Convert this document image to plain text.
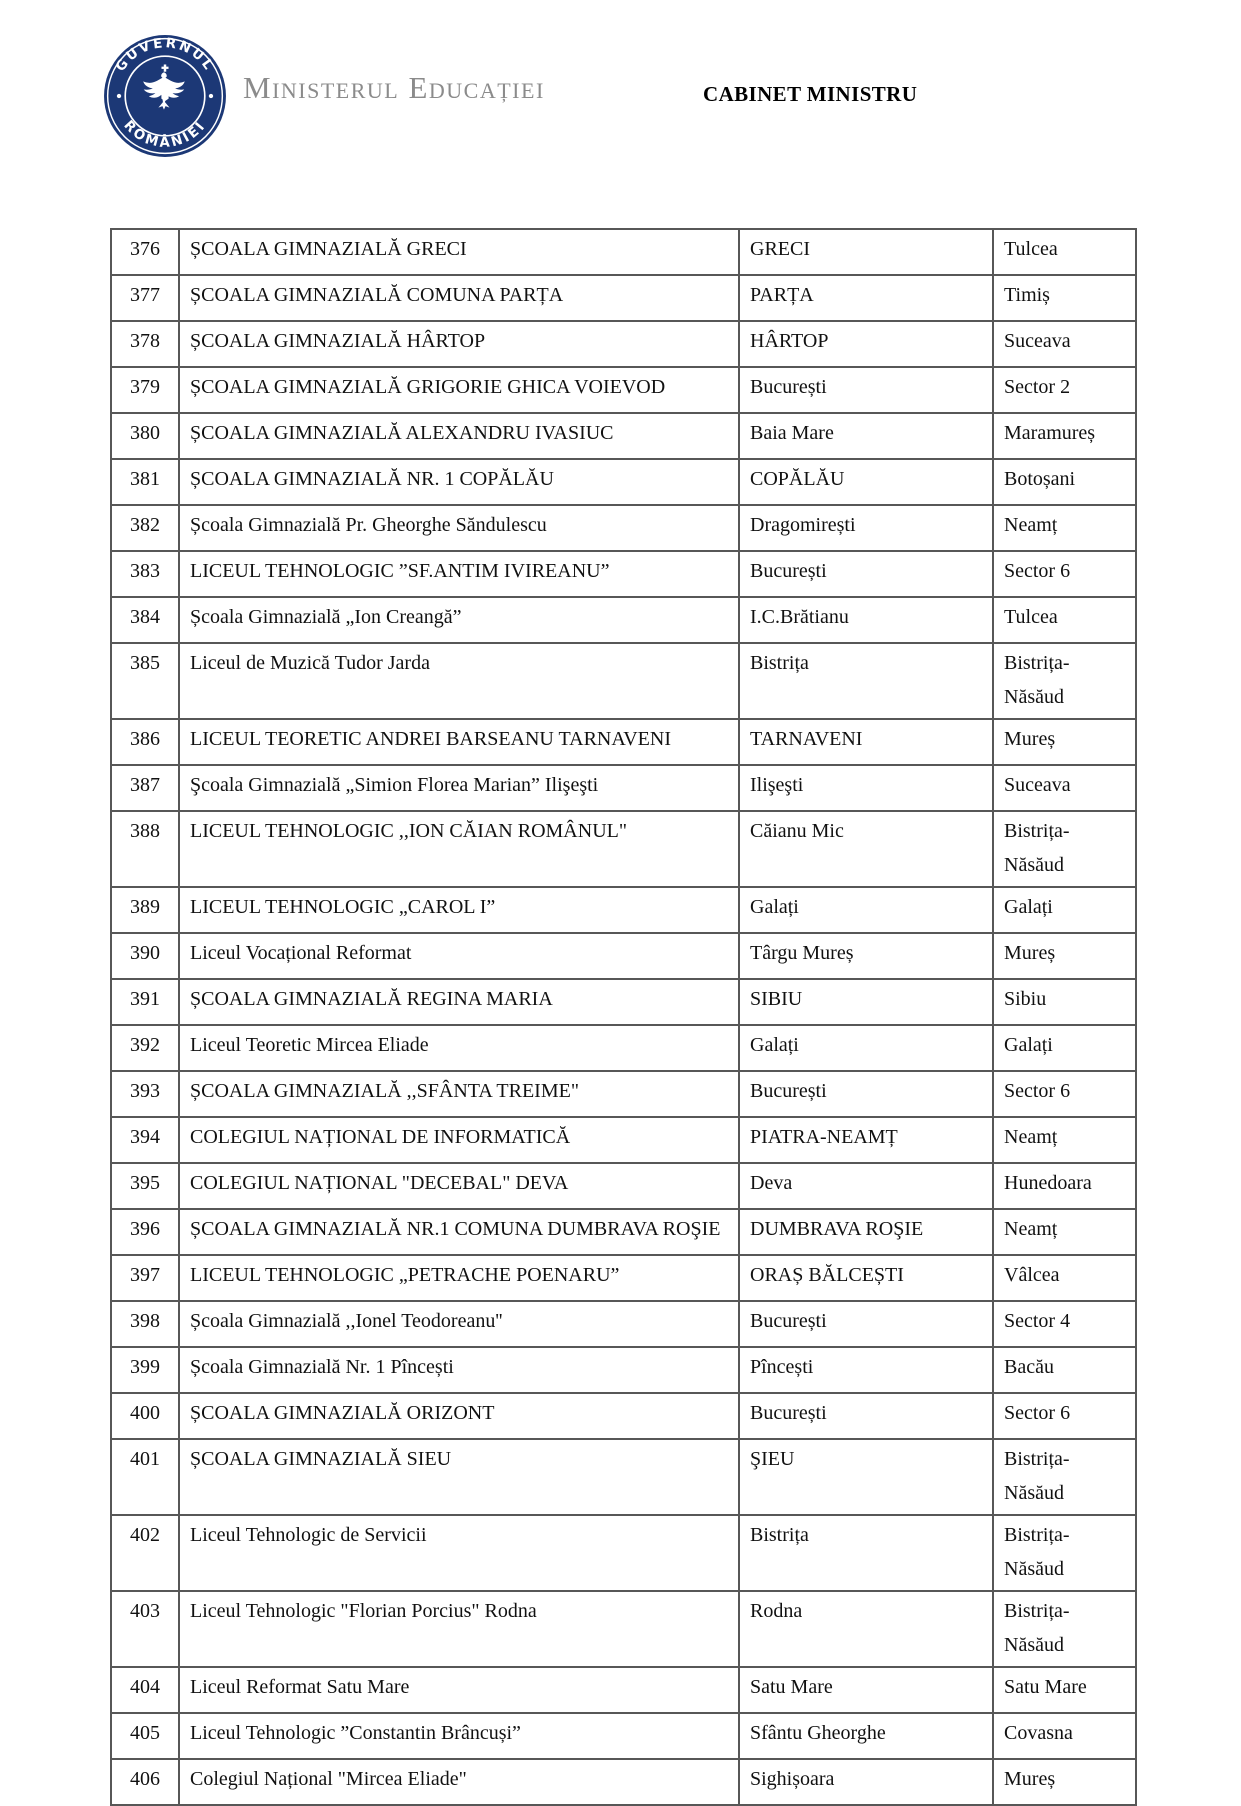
GUVERNUL
ROMÂNIEI
Ministerul Educației	CABINET MINISTRU
376	ȘCOALA GIMNAZIALĂ GRECI	GRECI	Tulcea
377	ȘCOALA GIMNAZIALĂ COMUNA PARȚA	PARȚA	Timiș
378	ȘCOALA GIMNAZIALĂ HÂRTOP	HÂRTOP	Suceava
379	ȘCOALA GIMNAZIALĂ GRIGORIE GHICA VOIEVOD	București	Sector 2
380	ȘCOALA GIMNAZIALĂ ALEXANDRU IVASIUC	Baia Mare	Maramureș
381	ȘCOALA GIMNAZIALĂ NR. 1 COPĂLĂU	COPĂLĂU	Botoșani
382	Școala Gimnazială Pr. Gheorghe Săndulescu	Dragomirești	Neamț
383	LICEUL TEHNOLOGIC ”SF.ANTIM IVIREANU”	București	Sector 6
384	Școala Gimnazială „Ion Creangă”	I.C.Brătianu	Tulcea
385	Liceul de Muzică Tudor Jarda	Bistrița	Bistrița-Năsăud
386	LICEUL TEORETIC ANDREI BARSEANU TARNAVENI	TARNAVENI	Mureș
387	Şcoala Gimnazială „Simion Florea Marian” Ilişeşti	Ilişeşti	Suceava
388	LICEUL TEHNOLOGIC ,,ION CĂIAN ROMÂNUL"	Căianu Mic	Bistrița-Năsăud
389	LICEUL TEHNOLOGIC „CAROL I”	Galați	Galați
390	Liceul Vocațional Reformat	Târgu Mureș	Mureș
391	ȘCOALA GIMNAZIALĂ REGINA MARIA	SIBIU	Sibiu
392	Liceul Teoretic Mircea Eliade	Galați	Galați
393	ȘCOALA GIMNAZIALĂ ,,SFÂNTA TREIME"	București	Sector 6
394	COLEGIUL NAȚIONAL DE INFORMATICĂ	PIATRA-NEAMȚ	Neamț
395	COLEGIUL NAȚIONAL "DECEBAL" DEVA	Deva	Hunedoara
396	ȘCOALA GIMNAZIALĂ NR.1 COMUNA DUMBRAVA ROŞIE	DUMBRAVA ROŞIE	Neamț
397	LICEUL TEHNOLOGIC „PETRACHE POENARU”	ORAȘ BĂLCEȘTI	Vâlcea
398	Școala Gimnazială ,,Ionel Teodoreanu''	București	Sector 4
399	Școala Gimnazială Nr. 1 Pîncești	Pîncești	Bacău
400	ȘCOALA GIMNAZIALĂ ORIZONT	București	Sector 6
401	ȘCOALA GIMNAZIALĂ SIEU	ŞIEU	Bistrița-Năsăud
402	Liceul Tehnologic de Servicii	Bistrița	Bistrița-Năsăud
403	Liceul Tehnologic "Florian Porcius" Rodna	Rodna	Bistrița-Năsăud
404	Liceul Reformat Satu Mare	Satu Mare	Satu Mare
405	Liceul Tehnologic ”Constantin Brâncuși”	Sfântu Gheorghe	Covasna
406	Colegiul Național "Mircea Eliade"	Sighișoara	Mureș
